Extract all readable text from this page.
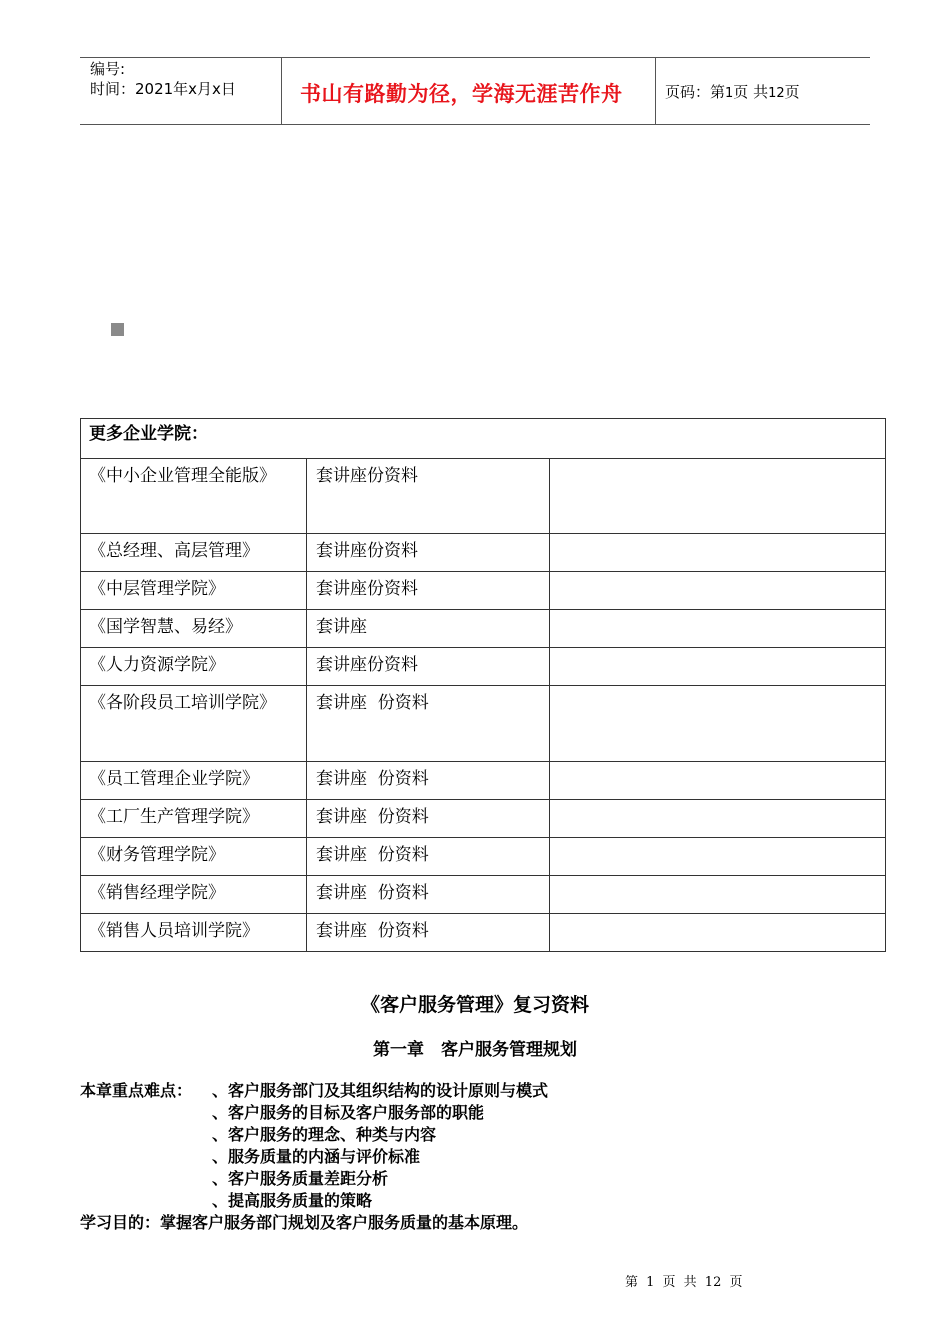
编号:
时间：2021年x月x日	书山有路勤为径，学海无涯苦作舟	页码：第1页 共12页
更多企业学院：
《中小企业管理全能版》	套讲座份资料
《总经理、高层管理》	套讲座份资料
《中层管理学院》	套讲座份资料
《国学智慧、易经》	套讲座
《人力资源学院》	套讲座份资料
《各阶段员工培训学院》	套讲座  份资料
《员工管理企业学院》	套讲座  份资料
《工厂生产管理学院》	套讲座  份资料
《财务管理学院》	套讲座  份资料
《销售经理学院》	套讲座  份资料
《销售人员培训学院》	套讲座  份资料
《客户服务管理》复习资料
第一章　客户服务管理规划
本章重点难点： 、客户服务部门及其组织结构的设计原则与模式
、客户服务的目标及客户服务部的职能
、客户服务的理念、种类与内容
、服务质量的内涵与评价标准
、客户服务质量差距分析
、提高服务质量的策略
学习目的：掌握客户服务部门规划及客户服务质量的基本原理。
第 1 页 共 12 页
